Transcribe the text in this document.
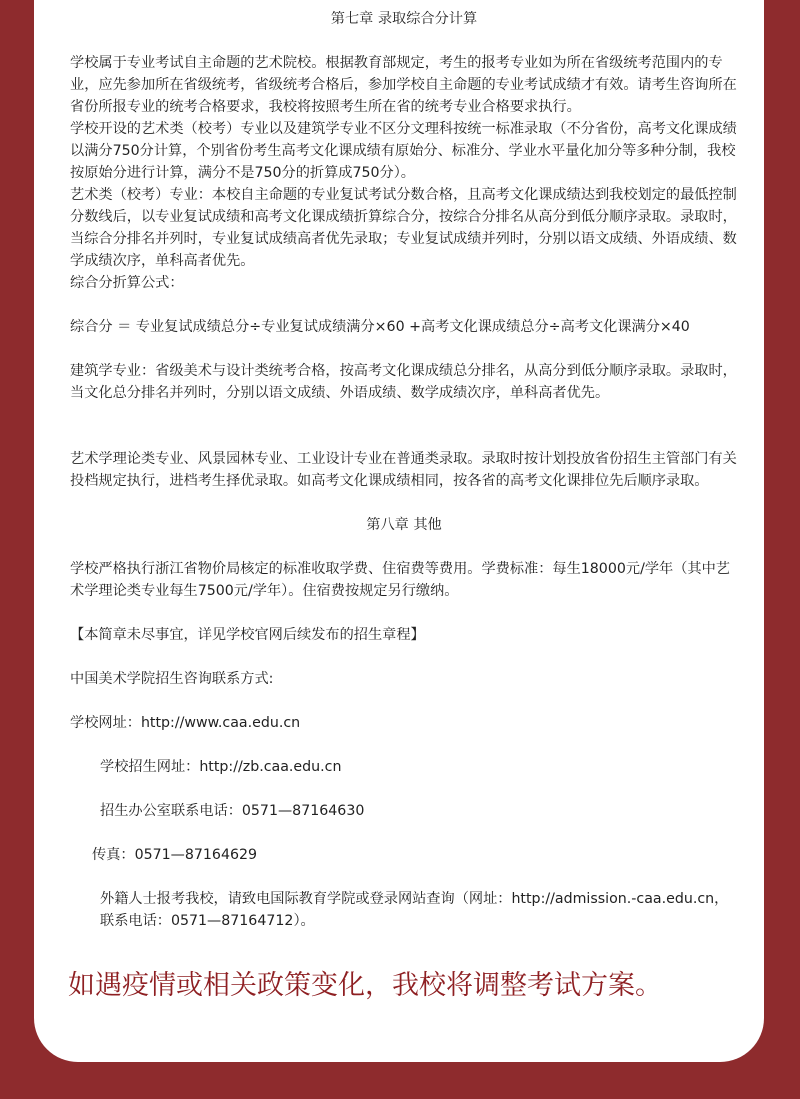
第七章 录取综合分计算

学校属于专业考试自主命题的艺术院校。根据教育部规定，考生的报考专业如为所在省级统考范围内的专业，应先参加所在省级统考，省级统考合格后，参加学校自主命题的专业考试成绩才有效。请考生咨询所在省份所报专业的统考合格要求，我校将按照考生所在省的统考专业合格要求执行。

学校开设的艺术类（校考）专业以及建筑学专业不区分文理科按统一标准录取（不分省份，高考文化课成绩以满分750分计算，个别省份考生高考文化课成绩有原始分、标准分、学业水平量化加分等多种分制，我校按原始分进行计算，满分不是750分的折算成750分）。

艺术类（校考）专业：本校自主命题的专业复试考试分数合格，且高考文化课成绩达到我校划定的最低控制分数线后，以专业复试成绩和高考文化课成绩折算综合分，按综合分排名从高分到低分顺序录取。录取时，当综合分排名并列时，专业复试成绩高者优先录取；专业复试成绩并列时，分别以语文成绩、外语成绩、数学成绩次序，单科高者优先。

综合分折算公式：

综合分 ＝ 专业复试成绩总分÷专业复试成绩满分×60 +高考文化课成绩总分÷高考文化课满分×40

建筑学专业：省级美术与设计类统考合格，按高考文化课成绩总分排名，从高分到低分顺序录取。录取时，当文化总分排名并列时，分别以语文成绩、外语成绩、数学成绩次序，单科高者优先。

艺术学理论类专业、风景园林专业、工业设计专业在普通类录取。录取时按计划投放省份招生主管部门有关投档规定执行，进档考生择优录取。如高考文化课成绩相同，按各省的高考文化课排位先后顺序录取。

第八章 其他

学校严格执行浙江省物价局核定的标准收取学费、住宿费等费用。学费标准：每生18000元/学年（其中艺术学理论类专业每生7500元/学年）。住宿费按规定另行缴纳。

【本简章未尽事宜，详见学校官网后续发布的招生章程】

中国美术学院招生咨询联系方式:

学校网址：http://www.caa.edu.cn

学校招生网址：http://zb.caa.edu.cn

招生办公室联系电话：0571—87164630

传真：0571—87164629

外籍人士报考我校，请致电国际教育学院或登录网站查询（网址：http://admission.-caa.edu.cn，联系电话：0571—87164712）。

如遇疫情或相关政策变化，我校将调整考试方案。
